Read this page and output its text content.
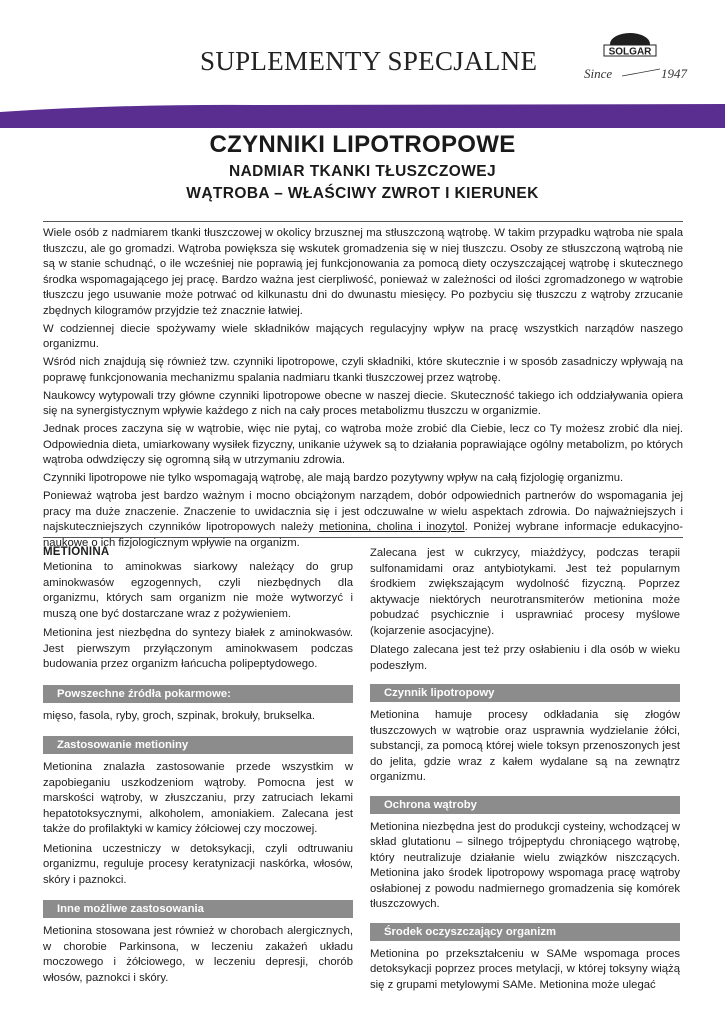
SUPLEMENTY SPECJALNE	SOLGAR
Since	1947
CZYNNIKI LIPOTROPOWE
NADMIAR TKANKI TŁUSZCZOWEJ
WĄTROBA – WŁAŚCIWY ZWROT I KIERUNEK

Wiele osób z nadmiarem tkanki tłuszczowej w okolicy brzusznej ma stłuszczoną wątrobę. W takim przypadku wątroba nie spala tłuszczu, ale go gromadzi. Wątroba powiększa się wskutek gromadzenia się w niej tłuszczu. Osoby ze stłuszczoną wątrobą nie są w stanie schudnąć, o ile wcześniej nie poprawią jej funkcjonowania za pomocą diety oczyszczającej wątrobę i skutecznego środka wspomagającego jej pracę. Bardzo ważna jest cierpliwość, ponieważ w zależności od ilości zgromadzonego w wątrobie tłuszczu jego usuwanie może potrwać od kilkunastu dni do dwunastu miesięcy. Po pozbyciu się tłuszczu z wątroby zrzucanie zbędnych kilogramów przyjdzie też znacznie łatwiej.

W codziennej diecie spożywamy wiele składników mających regulacyjny wpływ na pracę wszystkich narządów naszego organizmu.

Wśród nich znajdują się również tzw. czynniki lipotropowe, czyli składniki, które skutecznie i w sposób zasadniczy wpływają na poprawę funkcjonowania mechanizmu spalania nadmiaru tkanki tłuszczowej przez wątrobę.

Naukowcy wytypowali trzy główne czynniki lipotropowe obecne w naszej diecie. Skuteczność takiego ich oddziaływania opiera się na synergistycznym wpływie każdego z nich na cały proces metabolizmu tłuszczu w organizmie.

Jednak proces zaczyna się w wątrobie, więc nie pytaj, co wątroba może zrobić dla Ciebie, lecz co Ty możesz zrobić dla niej. Odpowiednia dieta, umiarkowany wysiłek fizyczny, unikanie używek są to działania poprawiające ogólny metabolizm, po których wątroba odwdzięczy się ogromną siłą w utrzymaniu zdrowia.

Czynniki lipotropowe nie tylko wspomagają wątrobę, ale mają bardzo pozytywny wpływ na całą fizjologię organizmu.

Ponieważ wątroba jest bardzo ważnym i mocno obciążonym narządem, dobór odpowiednich partnerów do wspomagania jej pracy ma duże znaczenie. Znaczenie to uwidacznia się i jest odczuwalne w wielu aspektach zdrowia. Do najważniejszych i najskuteczniejszych czynników lipotropowych należy metionina, cholina i inozytol. Poniżej wybrane informacje edukacyjno-naukowe o ich fizjologicznym wpływie na organizm.

METIONINA

Metionina to aminokwas siarkowy należący do grup aminokwasów egzogennych, czyli niezbędnych dla organizmu, których sam organizm nie może wytworzyć i muszą one być dostarczane wraz z pożywieniem.

Metionina jest niezbędna do syntezy białek z aminokwasów. Jest pierwszym przyłączonym aminokwasem podczas budowania przez organizm łańcucha polipeptydowego.

Powszechne źródła pokarmowe:

mięso, fasola, ryby, groch, szpinak, brokuły, brukselka.

Zastosowanie metioniny

Metionina znalazła zastosowanie przede wszystkim w zapobieganiu uszkodzeniom wątroby. Pomocna jest w marskości wątroby, w złuszczaniu, przy zatruciach lekami hepatotoksycznymi, alkoholem, amoniakiem. Zalecana jest także do profilaktyki w kamicy żółciowej czy moczowej.

Metionina uczestniczy w detoksykacji, czyli odtruwaniu organizmu, reguluje procesy keratynizacji naskórka, włosów, skóry i paznokci.

Inne możliwe zastosowania

Metionina stosowana jest również w chorobach alergicznych, w chorobie Parkinsona, w leczeniu zakażeń układu moczowego i żółciowego, w leczeniu depresji, chorób włosów, paznokci i skóry.

Zalecana jest w cukrzycy, miażdżycy, podczas terapii sulfonamidami oraz antybiotykami. Jest też popularnym środkiem zwiększającym wydolność fizyczną. Poprzez aktywacje niektórych neurotransmiterów metionina może pobudzać psychicznie i usprawniać procesy myślowe (kojarzenie asocjacyjne).

Dlatego zalecana jest też przy osłabieniu i dla osób w wieku podeszłym.

Czynnik lipotropowy

Metionina hamuje procesy odkładania się złogów tłuszczowych w wątrobie oraz usprawnia wydzielanie żółci, substancji, za pomocą której wiele toksyn przenoszonych jest do jelita, gdzie wraz z kałem wydalane są na zewnątrz organizmu.

Ochrona wątroby

Metionina niezbędna jest do produkcji cysteiny, wchodzącej w skład glutationu – silnego trójpeptydu chroniącego wątrobę, który neutralizuje działanie wielu związków niszczących. Metionina jako środek lipotropowy wspomaga pracę wątroby osłabionej z powodu nadmiernego gromadzenia się komórek tłuszczowych.

Środek oczyszczający organizm

Metionina po przekształceniu w SAMe wspomaga proces detoksykacji poprzez proces metylacji, w której toksyny wiążą się z grupami metylowymi SAMe. Metionina może ulegać
